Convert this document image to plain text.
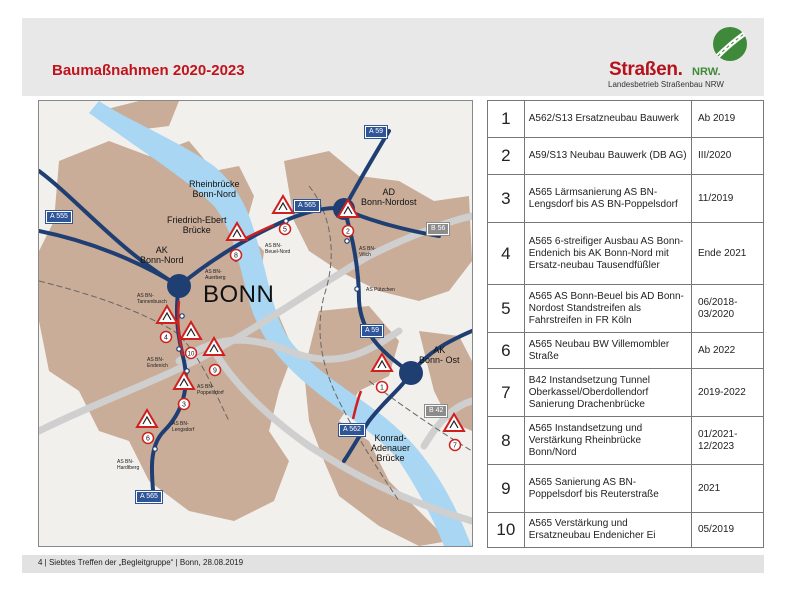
Baumaßnahmen 2020-2023	Straßen. NRW.
Landesbetrieb Straßenbau NRW
1
2
3
4
5
6
7
8
9
10
BONN
Rheinbrücke
Bonn-Nord
Friedrich-Ebert
Brücke
AD
Bonn-Nordost
AK
Bonn-Nord
AK
Bonn- Ost
Konrad-
Adenauer
Brücke
AS BN-
Beuel-Nord
AS BN-
Auerberg
AS BN-
Vilich
AS Pützchen
AS BN-
Tannenbusch
AS BN-
Endenich
AS BN-
Poppelsdorf
AS BN-
Lengsdorf
AS BN-
Hardtberg
A 59
A 555
A 565
B 56
A 59
B 42
A 562
A 565
1	A562/S13 Ersatzneubau Bauwerk	Ab 2019
2	A59/S13 Neubau Bauwerk (DB AG)	III/2020
3	A565 Lärmsanierung AS BN-Lengsdorf bis AS BN-Poppelsdorf	11/2019
4	A565 6-streifiger Ausbau AS Bonn-Endenich bis AK Bonn-Nord mit Ersatz-neubau Tausendfüßler	Ende 2021
5	A565 AS Bonn-Beuel bis AD Bonn-Nordost Standstreifen als Fahrstreifen in FR Köln	06/2018-03/2020
6	A565 Neubau BW Villemombler Straße	Ab 2022
7	B42 Instandsetzung Tunnel Oberkassel/Oberdollendorf Sanierung Drachenbrücke	2019-2022
8	A565 Instandsetzung und Verstärkung Rheinbrücke Bonn/Nord	01/2021-12/2023
9	A565 Sanierung AS BN-Poppelsdorf bis Reuterstraße	2021
10	A565 Verstärkung und Ersatzneubau Endenicher Ei	05/2019
4 | Siebtes Treffen der „Begleitgruppe“ | Bonn, 28.08.2019
